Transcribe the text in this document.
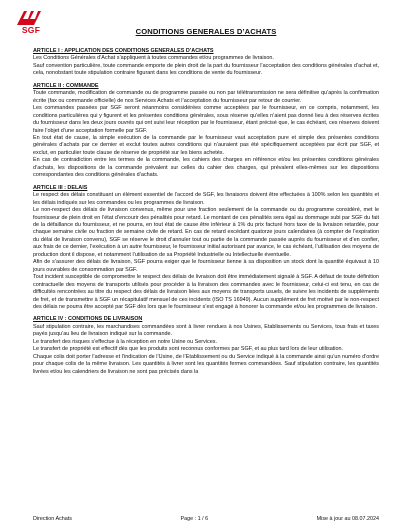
SGF	CONDITIONS GENERALES D’ACHATS

ARTICLE I : APPLICATION DES CONDITIONS GENERALES D’ACHATS

Les Conditions Générales d’Achat s’appliquent à toutes commandes et/ou programmes de livraison.

Sauf convention particulière, toute commande emporte de plein droit de la part du fournisseur l’acceptation des conditions générales d’achat et, cela, nonobstant toute stipulation contraire figurant dans les conditions de vente du fournisseur.

ARTICLE II : COMMANDE

Toute commande, modification de commande ou de programme passée ou non par télétransmission ne sera définitive qu’après la confirmation écrite (fax ou commande officielle) de nos Services Achats et l’acceptation du fournisseur par retour de courrier.

Les commandes passées par SGF seront néanmoins considérées comme acceptées par le fournisseur, en ce compris, notamment, les conditions particulières qui y figurent et les présentes conditions générales, sous réserve qu’elles n’aient pas donné lieu à des réserves écrites du fournisseur dans les deux jours ouvrés qui ont suivi leur réception par le fournisseur, étant précisé que, le cas échéant, ces réserves doivent faire l’objet d’une acceptation formelle par SGF.

En tout état de cause, la simple exécution de la commande par le fournisseur vaut acceptation pure et simple des présentes conditions générales d’achats par ce dernier et exclut toutes autres conditions qui n’auraient pas été spécifiquement acceptées par écrit par SGF, et exclut, en particulier toute clause de réserve de propriété sur les biens achetés.

En cas de contradiction entre les termes de la commande, les cahiers des charges en référence et/ou les présentes conditions générales d’achats, les dispositions de la commande prévalent sur celles du cahier des charges, qui prévalent elles-mêmes sur les dispositions correspondantes des conditions générales d’achats.

ARTICLE III : DELAIS

Le respect des délais constituant un élément essentiel de l’accord de SGF, les livraisons doivent être effectuées à 100% selon les quantités et les délais indiqués sur les commandes ou les programmes de livraison.

Le non-respect des délais de livraison convenus, même pour une fraction seulement de la commande ou du programme considéré, met le fournisseur de plein droit en l’état d’encourir des pénalités pour retard. Le montant de ces pénalités sera égal au dommage subi par SGF du fait de la défaillance du fournisseur, et ne pourra, en tout état de cause être inférieur à 1% du prix facturé hors taxe de la livraison retardée, pour chaque semaine civile ou fraction de semaine civile de retard. En cas de retard excédant quatorze jours calendaires (à compter de l’expiration du délai de livraison convenu), SGF se réserve le droit d’annuler tout ou partie de la commande passée auprès du fournisseur et d’en confier, aux frais de ce dernier, l’exécution à un autre fournisseur, le fournisseur initial autorisant par avance, le cas échéant, l’utilisation des moyens de production dont il dispose, et notamment l’utilisation de sa Propriété Industrielle ou Intellectuelle éventuelle.

Afin de s’assurer des délais de livraison, SGF pourra exiger que le fournisseur tienne à sa disposition un stock dont la quantité équivaut à 10 jours ouvrables de consommation par SGF.

Tout incident susceptible de compromettre le respect des délais de livraison doit être immédiatement signalé à SGF. A défaut de toute définition contractuelle des moyens de transports utilisés pour procéder à la livraison des commandes avec le fournisseur, celui-ci est tenu, en cas de difficultés rencontrées au titre du respect des délais de livraison liées aux moyens de transports usuels, de suivre les incidents de suppléments de fret, et de transmettre à SGF un récapitulatif mensuel de ces incidents (ISO TS 16949). Aucun supplément de fret motivé par le non-respect des délais ne pourra être accepté par SGF dès lors que le fournisseur s’est engagé à honorer la commande et/ou les programmes de livraison.

ARTICLE IV : CONDITIONS DE LIVRAISON

Sauf stipulation contraire, les marchandises commandées sont à livrer rendues à nos Usines, Etablissements ou Services, tous frais et taxes payés jusqu’au lieu de livraison indiqué sur la commande.

Le transfert des risques s’effectue à la réception en notre Usine ou Services.

Le transfert de propriété est effectif dès que les produits sont reconnus conformes par SGF, et au plus tard lors de leur utilisation.

Chaque colis doit porter l’adresse et l’indication de l’Usine, de l’Etablissement ou du Service indiqué à la commande ainsi qu’un numéro d’ordre pour chaque colis de la même livraison. Les quantités à livrer sont les quantités fermes commandées. Sauf stipulation contraire, les quantités livrées et/ou les calendriers de livraison ne sont pas précisés dans la

Direction Achats	Page : 1 / 6	Mise à jour au 08.07.2024
